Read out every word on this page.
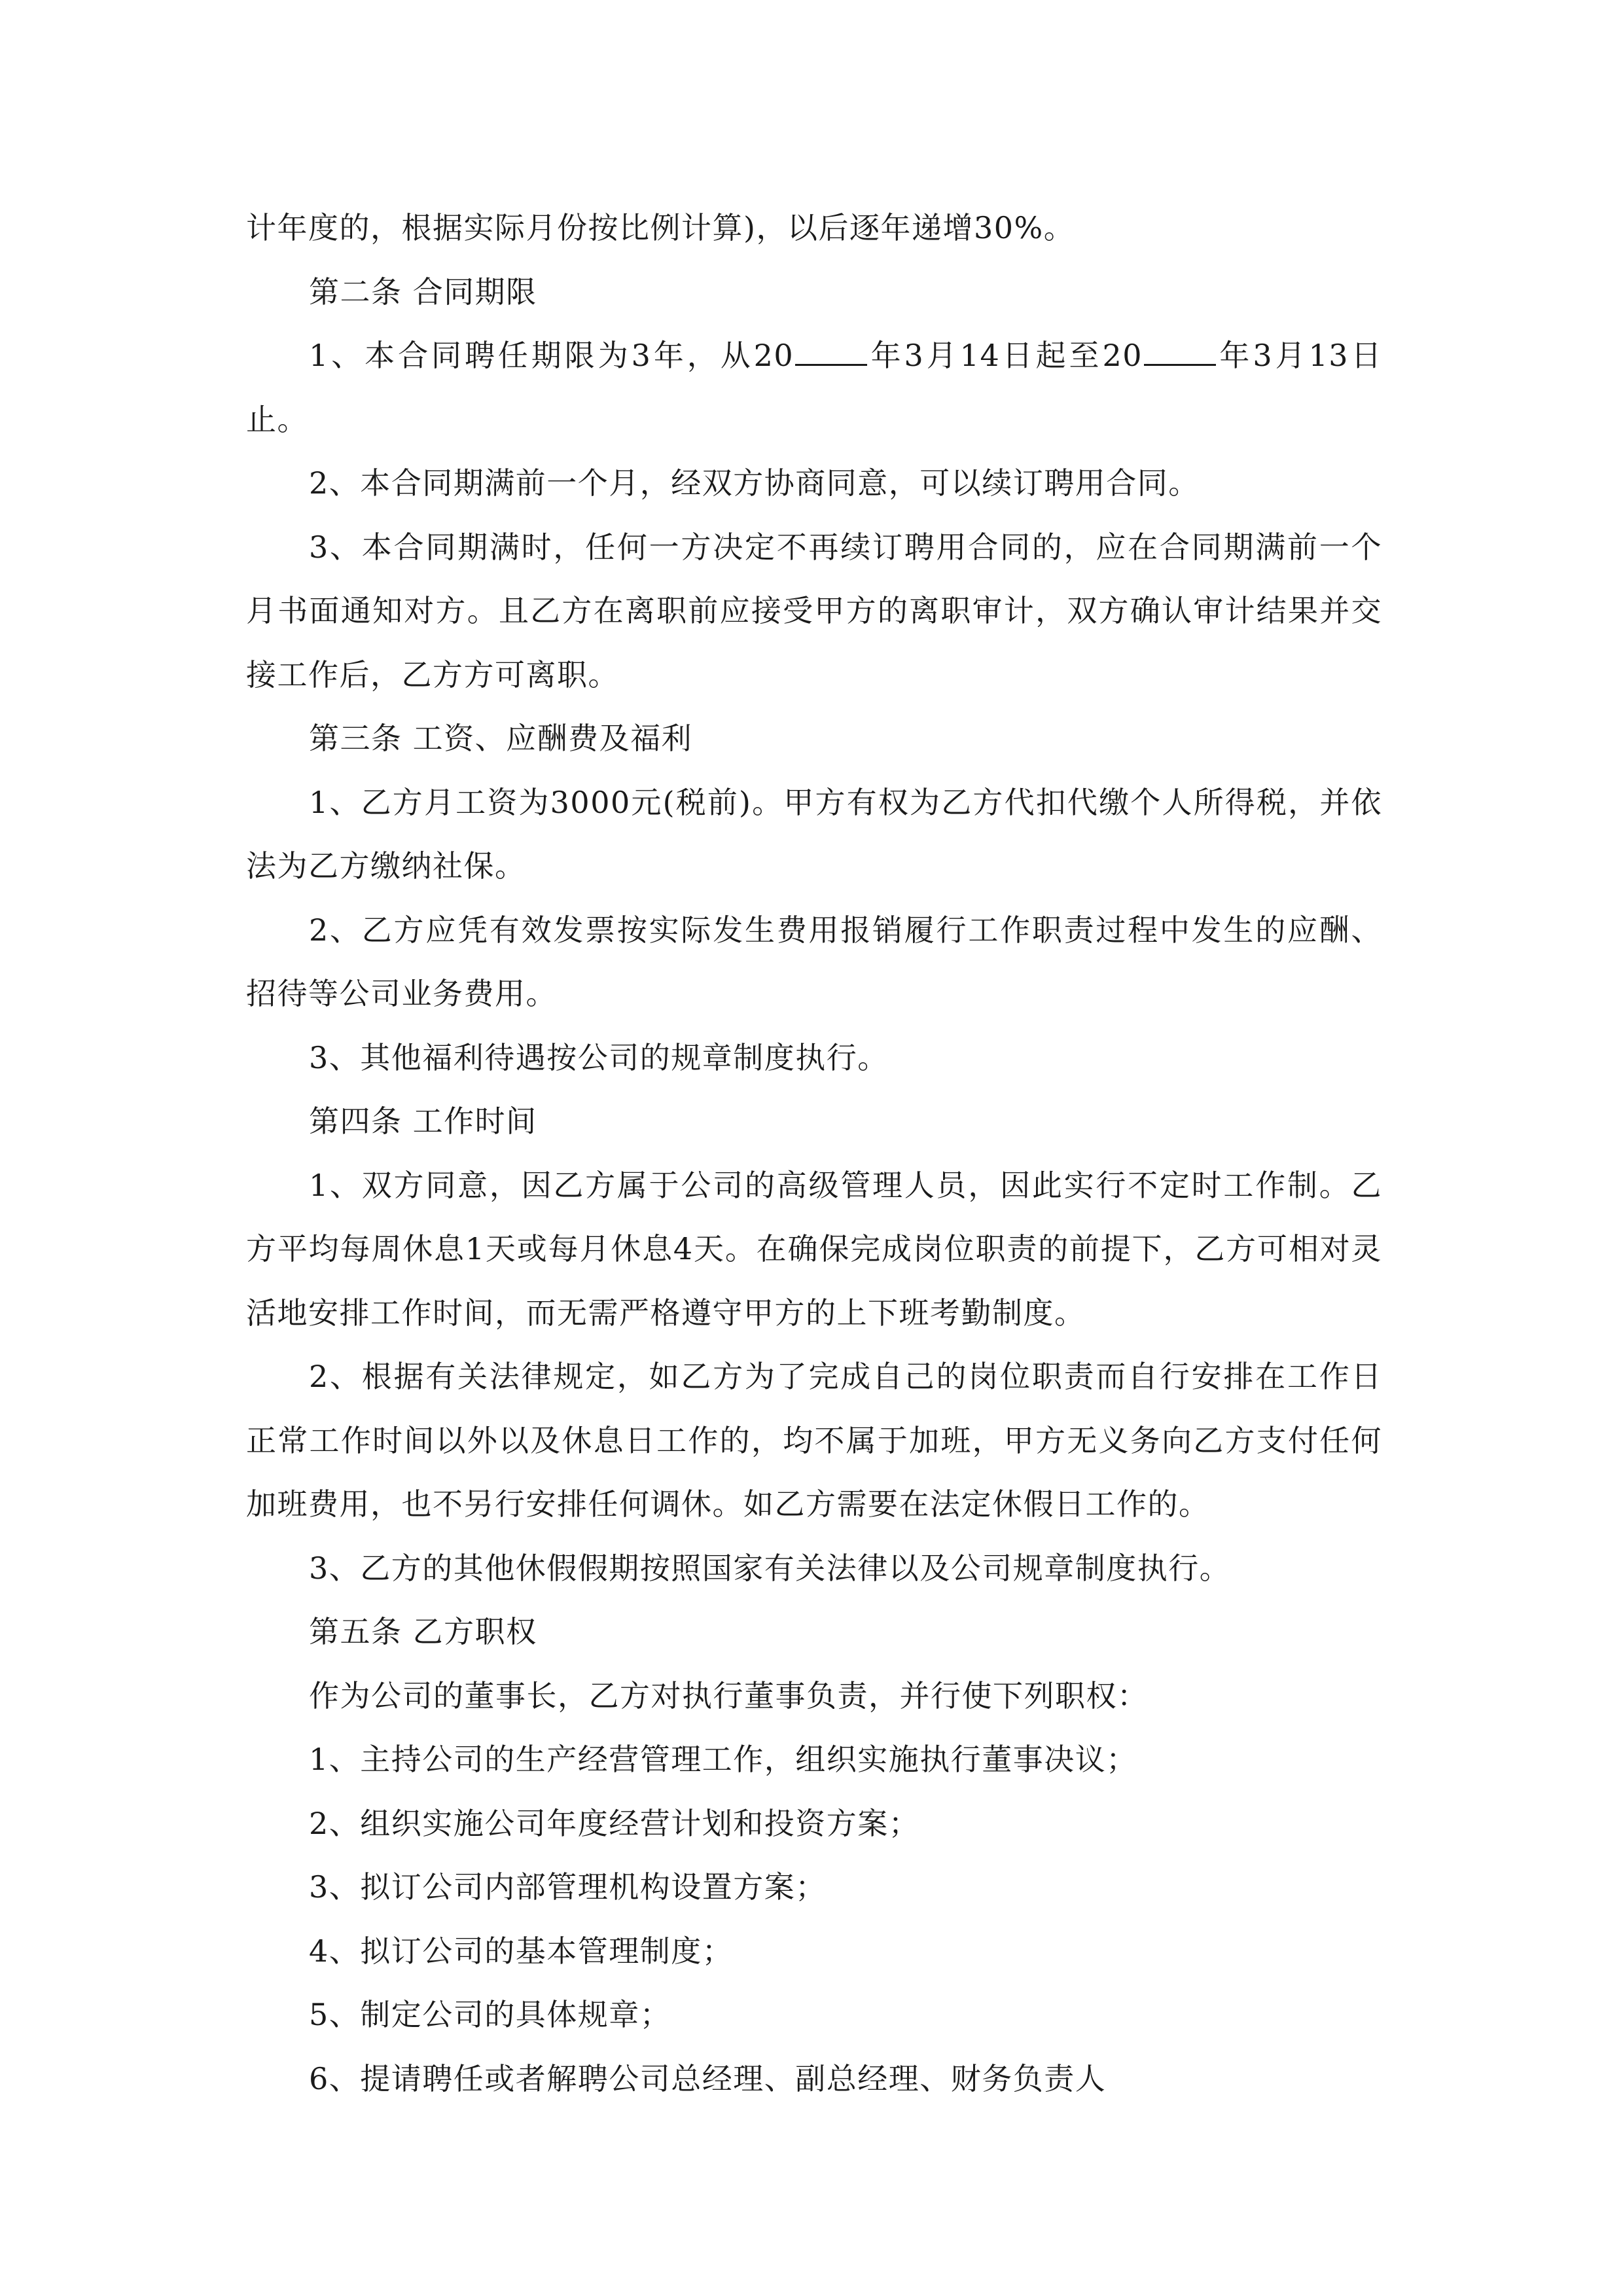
计年度的，根据实际月份按比例计算)，以后逐年递增30%。

第二条 合同期限

1、本合同聘任期限为3年，从20 年3月14日起至20 年3月13日止。

2、本合同期满前一个月，经双方协商同意，可以续订聘用合同。

3、本合同期满时，任何一方决定不再续订聘用合同的，应在合同期满前一个月书面通知对方。且乙方在离职前应接受甲方的离职审计，双方确认审计结果并交接工作后，乙方方可离职。

第三条 工资、应酬费及福利

1、乙方月工资为3000元(税前)。甲方有权为乙方代扣代缴个人所得税，并依法为乙方缴纳社保。

2、乙方应凭有效发票按实际发生费用报销履行工作职责过程中发生的应酬、招待等公司业务费用。

3、其他福利待遇按公司的规章制度执行。

第四条 工作时间

1、双方同意，因乙方属于公司的高级管理人员，因此实行不定时工作制。乙方平均每周休息1天或每月休息4天。在确保完成岗位职责的前提下，乙方可相对灵活地安排工作时间，而无需严格遵守甲方的上下班考勤制度。

2、根据有关法律规定，如乙方为了完成自己的岗位职责而自行安排在工作日正常工作时间以外以及休息日工作的，均不属于加班，甲方无义务向乙方支付任何加班费用，也不另行安排任何调休。如乙方需要在法定休假日工作的。

3、乙方的其他休假假期按照国家有关法律以及公司规章制度执行。

第五条 乙方职权

作为公司的董事长，乙方对执行董事负责，并行使下列职权：

1、主持公司的生产经营管理工作，组织实施执行董事决议；

2、组织实施公司年度经营计划和投资方案；

3、拟订公司内部管理机构设置方案；

4、拟订公司的基本管理制度；

5、制定公司的具体规章；

6、提请聘任或者解聘公司总经理、副总经理、财务负责人
